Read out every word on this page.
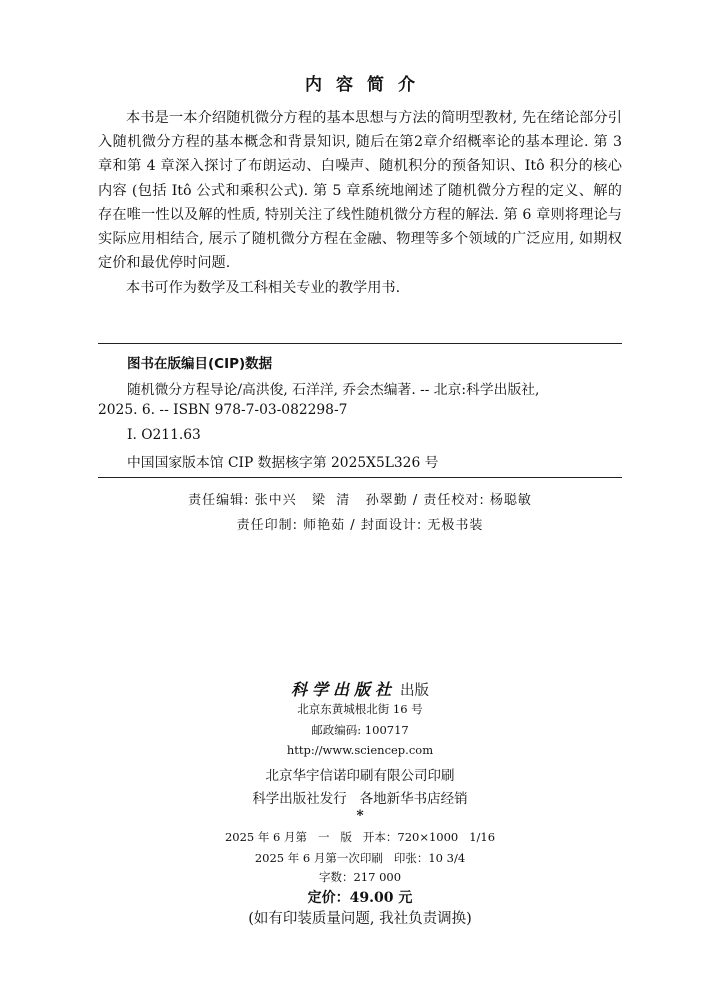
内容简介
本书是一本介绍随机微分方程的基本思想与方法的简明型教材, 先在绪论部分引入随机微分方程的基本概念和背景知识, 随后在第2章介绍概率论的基本理论. 第 3 章和第 4 章深入探讨了布朗运动、白噪声、随机积分的预备知识、Itô 积分的核心内容 (包括 Itô 公式和乘积公式). 第 5 章系统地阐述了随机微分方程的定义、解的存在唯一性以及解的性质, 特别关注了线性随机微分方程的解法. 第 6 章则将理论与实际应用相结合, 展示了随机微分方程在金融、物理等多个领域的广泛应用, 如期权定价和最优停时问题.
本书可作为数学及工科相关专业的教学用书.
图书在版编目(CIP)数据
随机微分方程导论/高洪俊, 石洋洋, 乔会杰编著. -- 北京:科学出版社,
2025. 6. -- ISBN 978-7-03-082298-7
I. O211.63
中国国家版本馆 CIP 数据核字第 2025X5L326 号
责任编辑: 张中兴   梁  清   孙翠勤 / 责任校对: 杨聪敏
责任印制: 师艳茹 / 封面设计: 无极书装
科学出版社 出版
北京东黄城根北街 16 号
邮政编码: 100717
http://www.sciencep.com
北京华宇信诺印刷有限公司印刷
科学出版社发行   各地新华书店经销
*
2025 年 6 月第   一   版   开本：720×1000   1/16
2025 年 6 月第一次印刷   印张：10 3/4
字数：217 000
定价：49.00 元
(如有印装质量问题, 我社负责调换)
